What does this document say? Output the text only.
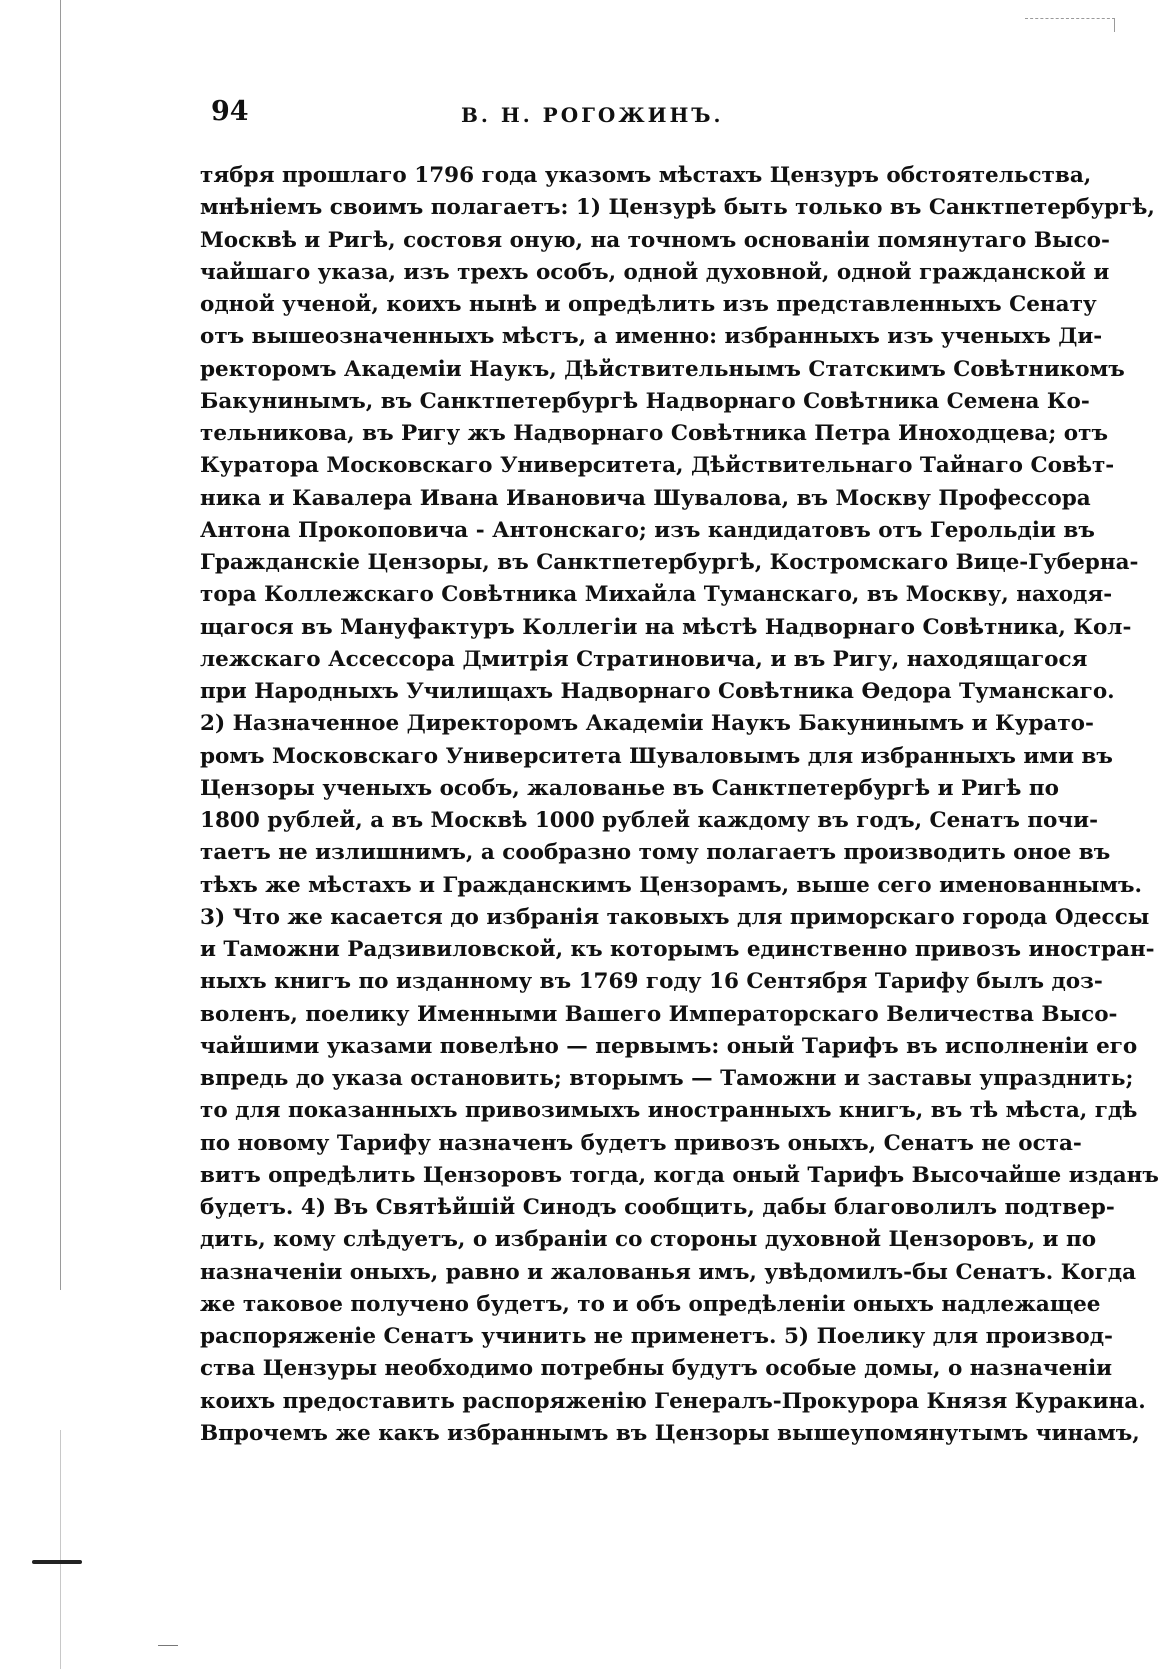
94	В. Н. РОГОЖИНЪ.
тября прошлаго 1796 года указомъ мѣстахъ Цензуръ обстоятельства,
мнѣніемъ своимъ полагаетъ: 1) Цензурѣ быть только въ Санктпетербургѣ,
Москвѣ и Ригѣ, состовя оную, на точномъ основаніи помянутаго Высо-
чайшаго указа, изъ трехъ особъ, одной духовной, одной гражданской и
одной ученой, коихъ нынѣ и опредѣлить изъ представленныхъ Сенату
отъ вышеозначенныхъ мѣстъ, а именно: избранныхъ изъ ученыхъ Ди-
ректоромъ Академіи Наукъ, Дѣйствительнымъ Статскимъ Совѣтникомъ
Бакунинымъ, въ Санктпетербургѣ Надворнаго Совѣтника Семена Ко-
тельникова, въ Ригу жъ Надворнаго Совѣтника Петра Иноходцева; отъ
Куратора Московскаго Университета, Дѣйствительнаго Тайнаго Совѣт-
ника и Кавалера Ивана Ивановича Шувалова, въ Москву Профессора
Антона Прокоповича - Антонскаго; изъ кандидатовъ отъ Герольдіи въ
Гражданскіе Цензоры, въ Санктпетербургѣ, Костромскаго Вице-Губерна-
тора Коллежскаго Совѣтника Михайла Туманскаго, въ Москву, находя-
щагося въ Мануфактуръ Коллегіи на мѣстѣ Надворнаго Совѣтника, Кол-
лежскаго Ассессора Дмитрія Стратиновича, и въ Ригу, находящагося
при Народныхъ Училищахъ Надворнаго Совѣтника Ѳедора Туманскаго.
2) Назначенное Директоромъ Академіи Наукъ Бакунинымъ и Курато-
ромъ Московскаго Университета Шуваловымъ для избранныхъ ими въ
Цензоры ученыхъ особъ, жалованье въ Санктпетербургѣ и Ригѣ по
1800 рублей, а въ Москвѣ 1000 рублей каждому въ годъ, Сенатъ почи-
таетъ не излишнимъ, а сообразно тому полагаетъ производить оное въ
тѣхъ же мѣстахъ и Гражданскимъ Цензорамъ, выше сего именованнымъ.
3) Что же касается до избранія таковыхъ для приморскаго города Одессы
и Таможни Радзивиловской, къ которымъ единственно привозъ иностран-
ныхъ книгъ по изданному въ 1769 году 16 Сентября Тарифу былъ доз-
воленъ, поелику Именными Вашего Императорскаго Величества Высо-
чайшими указами повелѣно — первымъ: оный Тарифъ въ исполненіи его
впредь до указа остановить; вторымъ — Таможни и заставы упразднить;
то для показанныхъ привозимыхъ иностранныхъ книгъ, въ тѣ мѣста, гдѣ
по новому Тарифу назначенъ будетъ привозъ оныхъ, Сенатъ не оста-
витъ опредѣлить Цензоровъ тогда, когда оный Тарифъ Высочайше изданъ
будетъ. 4) Въ Святѣйшій Синодъ сообщить, дабы благоволилъ подтвер-
дить, кому слѣдуетъ, о избраніи со стороны духовной Цензоровъ, и по
назначеніи оныхъ, равно и жалованья имъ, увѣдомилъ-бы Сенатъ. Когда
же таковое получено будетъ, то и объ опредѣленіи оныхъ надлежащее
распоряженіе Сенатъ учинить не применетъ. 5) Поелику для производ-
ства Цензуры необходимо потребны будутъ особые домы, о назначеніи
коихъ предоставить распоряженію Генералъ-Прокурора Князя Куракина.
Впрочемъ же какъ избраннымъ въ Цензоры вышеупомянутымъ чинамъ,
